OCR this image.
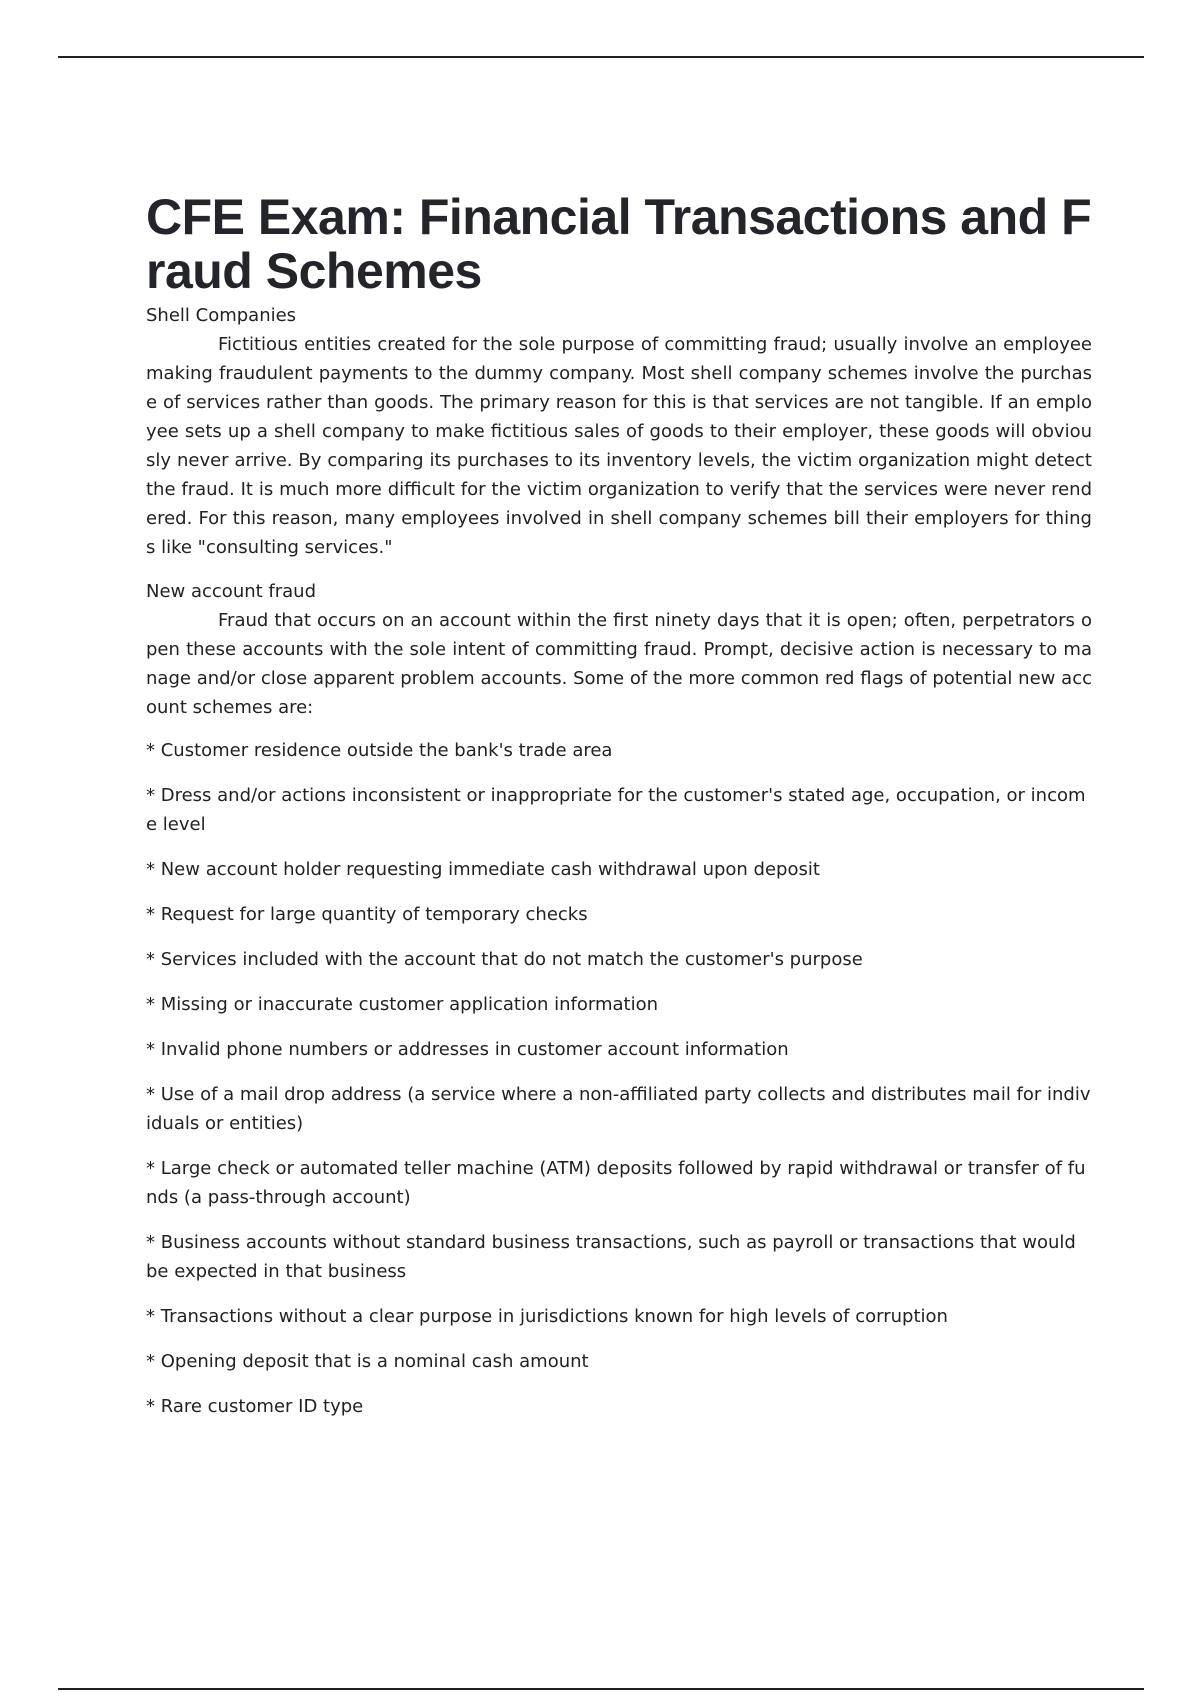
CFE Exam: Financial Transactions and Fraud Schemes

Shell Companies

Fictitious entities created for the sole purpose of committing fraud; usually involve an employee making fraudulent payments to the dummy company. Most shell company schemes involve the purchase of services rather than goods. The primary reason for this is that services are not tangible. If an employee sets up a shell company to make fictitious sales of goods to their employer, these goods will obviously never arrive. By comparing its purchases to its inventory levels, the victim organization might detect the fraud. It is much more difficult for the victim organization to verify that the services were never rendered. For this reason, many employees involved in shell company schemes bill their employers for things like "consulting services."

New account fraud

Fraud that occurs on an account within the first ninety days that it is open; often, perpetrators open these accounts with the sole intent of committing fraud. Prompt, decisive action is necessary to manage and/or close apparent problem accounts. Some of the more common red flags of potential new account schemes are:

* Customer residence outside the bank's trade area
* Dress and/or actions inconsistent or inappropriate for the customer's stated age, occupation, or income level
* New account holder requesting immediate cash withdrawal upon deposit
* Request for large quantity of temporary checks
* Services included with the account that do not match the customer's purpose
* Missing or inaccurate customer application information
* Invalid phone numbers or addresses in customer account information
* Use of a mail drop address (a service where a non-affiliated party collects and distributes mail for individuals or entities)
* Large check or automated teller machine (ATM) deposits followed by rapid withdrawal or transfer of funds (a pass-through account)
* Business accounts without standard business transactions, such as payroll or transactions that would be expected in that business
* Transactions without a clear purpose in jurisdictions known for high levels of corruption
* Opening deposit that is a nominal cash amount
* Rare customer ID type
